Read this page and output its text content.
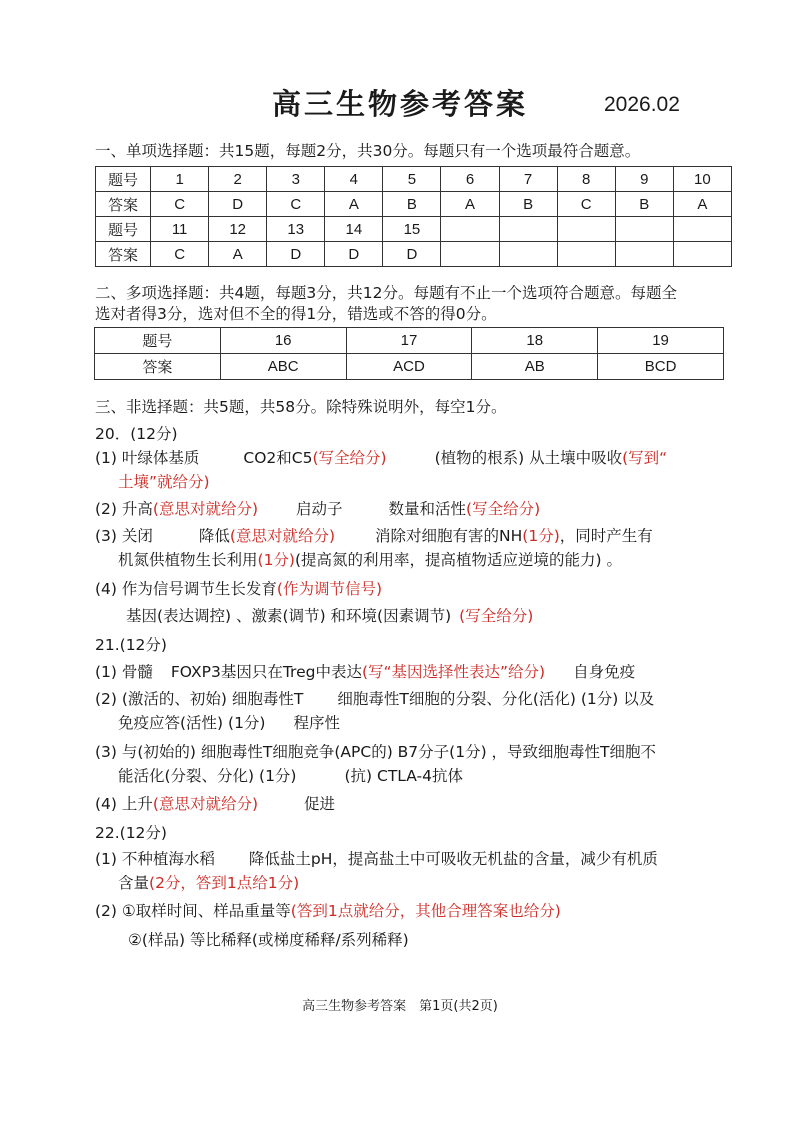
高三生物参考答案	2026.02
一、单项选择题：共15题，每题2分，共30分。每题只有一个选项最符合题意。
题号	1	2	3	4	5	6	7	8	9	10
答案	C	D	C	A	B	A	B	C	B	A
题号	11	12	13	14	15					
答案	C	A	D	D	D					
二、多项选择题：共4题，每题3分，共12分。每题有不止一个选项符合题意。每题全
选对者得3分，选对但不全的得1分，错选或不答的得0分。
题号	16	17	18	19
答案	ABC	ACD	AB	BCD
三、非选择题：共5题，共58分。除特殊说明外，每空1分。
20．(12分)
(1) 叶绿体基质	CO2和C5(写全给分)	(植物的根系) 从土壤中吸收(写到“
土壤”就给分)
(2) 升高(意思对就给分) 启动子	数量和活性(写全给分)
(3) 关闭	降低(意思对就给分)	消除对细胞有害的NH(1分)，同时产生有
机氮供植物生长利用(1分)(提高氮的利用率，提高植物适应逆境的能力) 。
(4) 作为信号调节生长发育(作为调节信号)
基因(表达调控) 、激素(调节) 和环境(因素调节) (写全给分)
21.(12分)
(1) 骨髓 FOXP3基因只在Treg中表达(写“基因选择性表达”给分) 自身免疫
(2) (激活的、初始) 细胞毒性T 细胞毒性T细胞的分裂、分化(活化) (1分) 以及
免疫应答(活性) (1分) 程序性
(3) 与(初始的) 细胞毒性T细胞竞争(APC的) B7分子(1分) ，导致细胞毒性T细胞不
能活化(分裂、分化) (1分)	(抗) CTLA-4抗体
(4) 上升(意思对就给分)	促进
22.(12分)
(1) 不种植海水稻 降低盐土pH，提高盐土中可吸收无机盐的含量，减少有机质
含量(2分，答到1点给1分)
(2) ①取样时间、样品重量等(答到1点就给分，其他合理答案也给分)
②(样品) 等比稀释(或梯度稀释/系列稀释)
高三生物参考答案　第1页(共2页)
